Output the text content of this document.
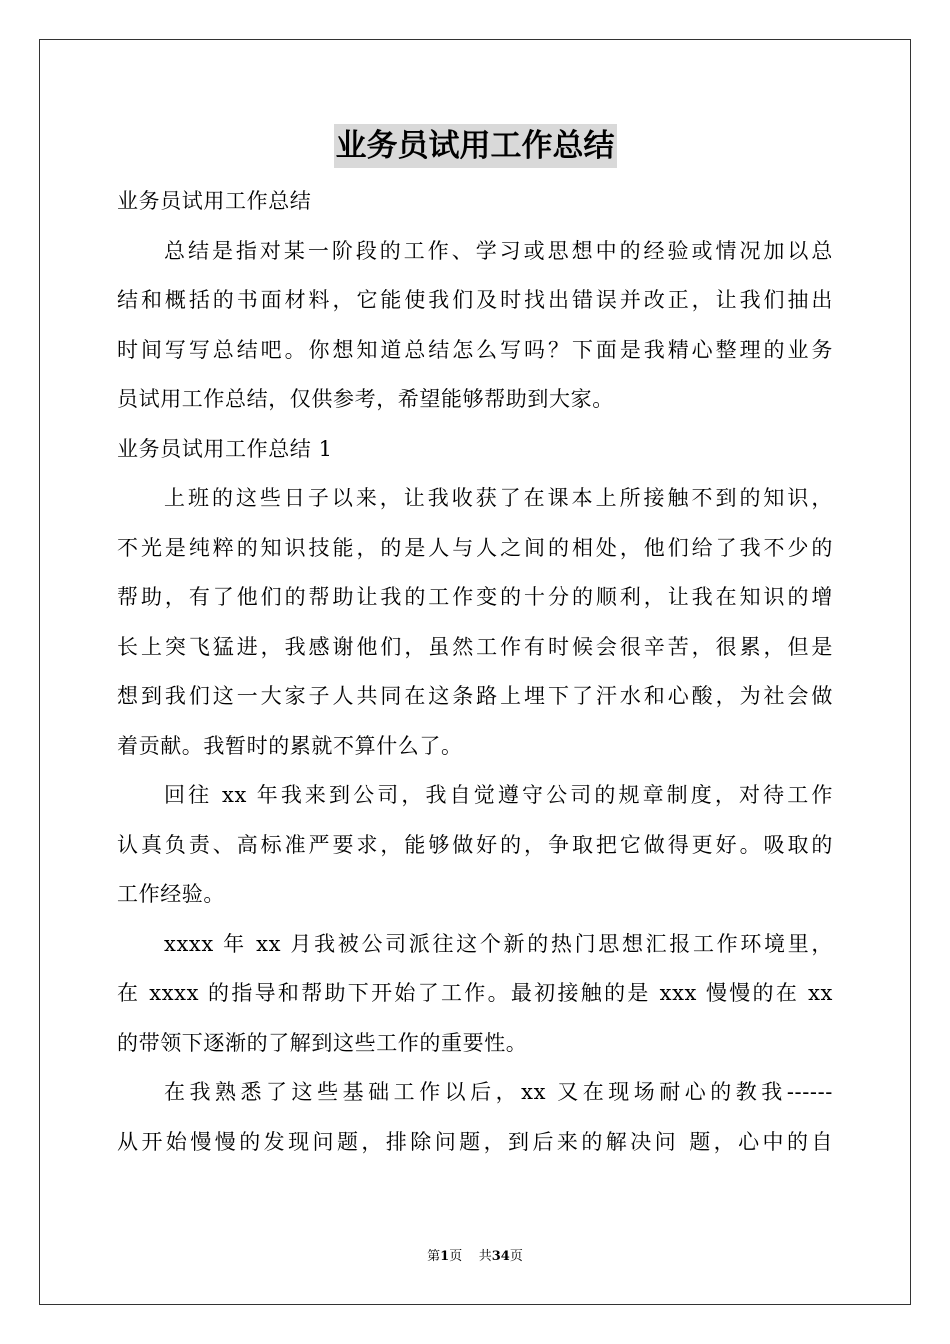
业务员试用工作总结
业务员试用工作总结
总结是指对某一阶段的工作、学习或思想中的经验或情况加以总
结和概括的书面材料，它能使我们及时找出错误并改正，让我们抽出
时间写写总结吧。你想知道总结怎么写吗？下面是我精心整理的业务
员试用工作总结，仅供参考，希望能够帮助到大家。
业务员试用工作总结 1
上班的这些日子以来，让我收获了在课本上所接触不到的知识，
不光是纯粹的知识技能，的是人与人之间的相处，他们给了我不少的
帮助，有了他们的帮助让我的工作变的十分的顺利，让我在知识的增
长上突飞猛进，我感谢他们，虽然工作有时候会很辛苦，很累，但是
想到我们这一大家子人共同在这条路上埋下了汗水和心酸，为社会做
着贡献。我暂时的累就不算什么了。
回往 xx 年我来到公司，我自觉遵守公司的规章制度，对待工作
认真负责、高标准严要求，能够做好的，争取把它做得更好。吸取的
工作经验。
xxxx 年 xx 月我被公司派往这个新的热门思想汇报工作环境里，
在 xxxx 的指导和帮助下开始了工作。最初接触的是 xxx 慢慢的在 xx
的带领下逐渐的了解到这些工作的重要性。
在我熟悉了这些基础工作以后，xx 又在现场耐心的教我------
从开始慢慢的发现问题，排除问题，到后来的解决问 题，心中的自
第1页 共34页
